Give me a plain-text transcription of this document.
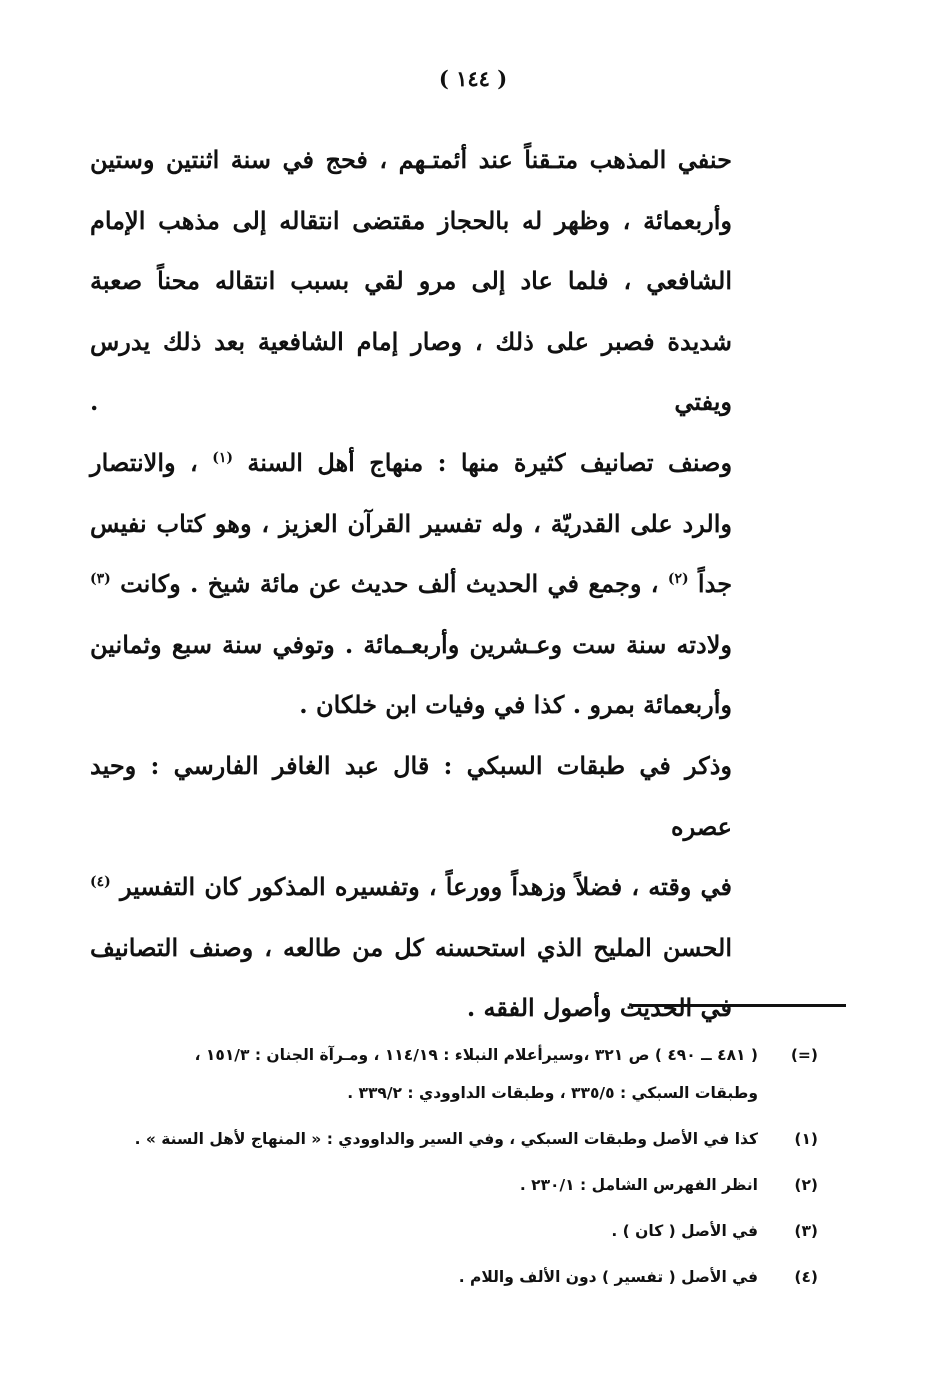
( ١٤٤ )
حنفي المذهب متـقناً عند أئمتـهم ، فحج في سنة اثنتين وستين
وأربعمائة ، وظهر له بالحجاز مقتضى انتقاله إلى مذهب الإمام
الشافعي ، فلما عاد إلى مرو لقي بسبب انتقاله محناً صعبة
شديدة فصبر على ذلك ، وصار إمام الشافعية بعد ذلك يدرس ويفتي .
وصنف تصانيف كثيرة منها : منهاج أهل السنة $^{(١)}$ ، والانتصار
والرد على القدريّة ، وله تفسير القرآن العزيز ، وهو كتاب نفيس
جداً $^{(٢)}$ ، وجمع في الحديث ألف حديث عن مائة شيخ . وكانت $^{(٣)}$
ولادته سنة ست وعـشرين وأربعـمائة . وتوفي سنة سبع وثمانين
وأربعمائة بمرو . كذا في وفيات ابن خلكان .
وذكر في طبقات السبكي : قال عبد الغافر الفارسي : وحيد عصره
في وقته ، فضلاً وزهداً وورعاً ، وتفسيره المذكور كان التفسير $^{(٤)}$
الحسن المليح الذي استحسنه كل من طالعه ، وصنف التصانيف
في الحديث وأصول الفقه .
(=)
( ٤٨١ ــ ٤٩٠ ) ص ٣٢١ ،وسيرأعلام النبلاء : ١١٤/١٩ ، ومـرآة الجنان : ١٥١/٣ ،
وطبقات السبكي : ٣٣٥/٥ ، وطبقات الداوودي : ٣٣٩/٢ .
(١)
كذا في الأصل وطبقات السبكي ، وفي السير والداوودي : « المنهاج لأهل السنة » .
(٢)
انظر الفهرس الشامل : ٢٣٠/١ .
(٣)
في الأصل ( كان ) .
(٤)
في الأصل ( تفسير ) دون الألف واللام .
